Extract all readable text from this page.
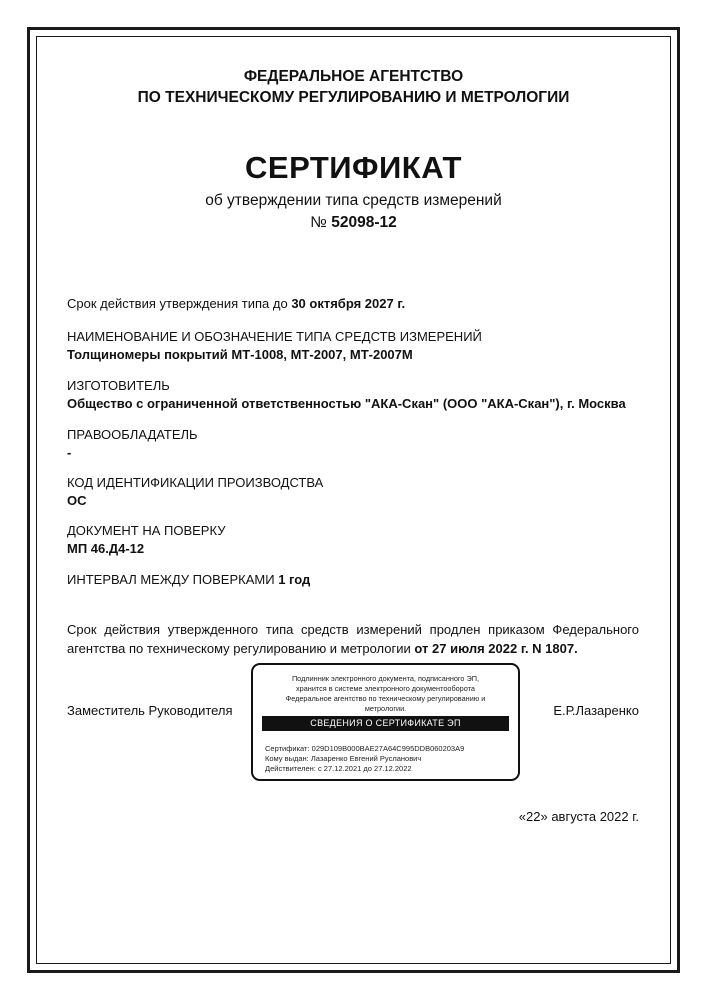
ФЕДЕРАЛЬНОЕ АГЕНТСТВО
ПО ТЕХНИЧЕСКОМУ РЕГУЛИРОВАНИЮ И МЕТРОЛОГИИ
СЕРТИФИКАТ
об утверждении типа средств измерений
№ 52098-12
Срок действия утверждения типа до 30 октября 2027 г.
НАИМЕНОВАНИЕ И ОБОЗНАЧЕНИЕ ТИПА СРЕДСТВ ИЗМЕРЕНИЙ
Толщиномеры покрытий МТ-1008, МТ-2007, МТ-2007М
ИЗГОТОВИТЕЛЬ
Общество с ограниченной ответственностью "АКА-Скан" (ООО "АКА-Скан"), г. Москва
ПРАВООБЛАДАТЕЛЬ
-
КОД ИДЕНТИФИКАЦИИ ПРОИЗВОДСТВА
ОС
ДОКУМЕНТ НА ПОВЕРКУ
МП 46.Д4-12
ИНТЕРВАЛ МЕЖДУ ПОВЕРКАМИ 1 год
Срок действия утвержденного типа средств измерений продлен приказом Федерального агентства по техническому регулированию и метрологии от 27 июля 2022 г. N 1807.
Заместитель Руководителя	Е.Р.Лазаренко
Подлинник электронного документа, подписанного ЭП,
хранится в системе электронного документооборота
Федеральное агентство по техническому регулированию и
метрологии.
СВЕДЕНИЯ О СЕРТИФИКАТЕ ЭП
Сертификат: 029D109B000BAE27A64C995DDB060203A9
Кому выдан: Лазаренко Евгений Русланович
Действителен: с 27.12.2021 до 27.12.2022
«22» августа 2022 г.
